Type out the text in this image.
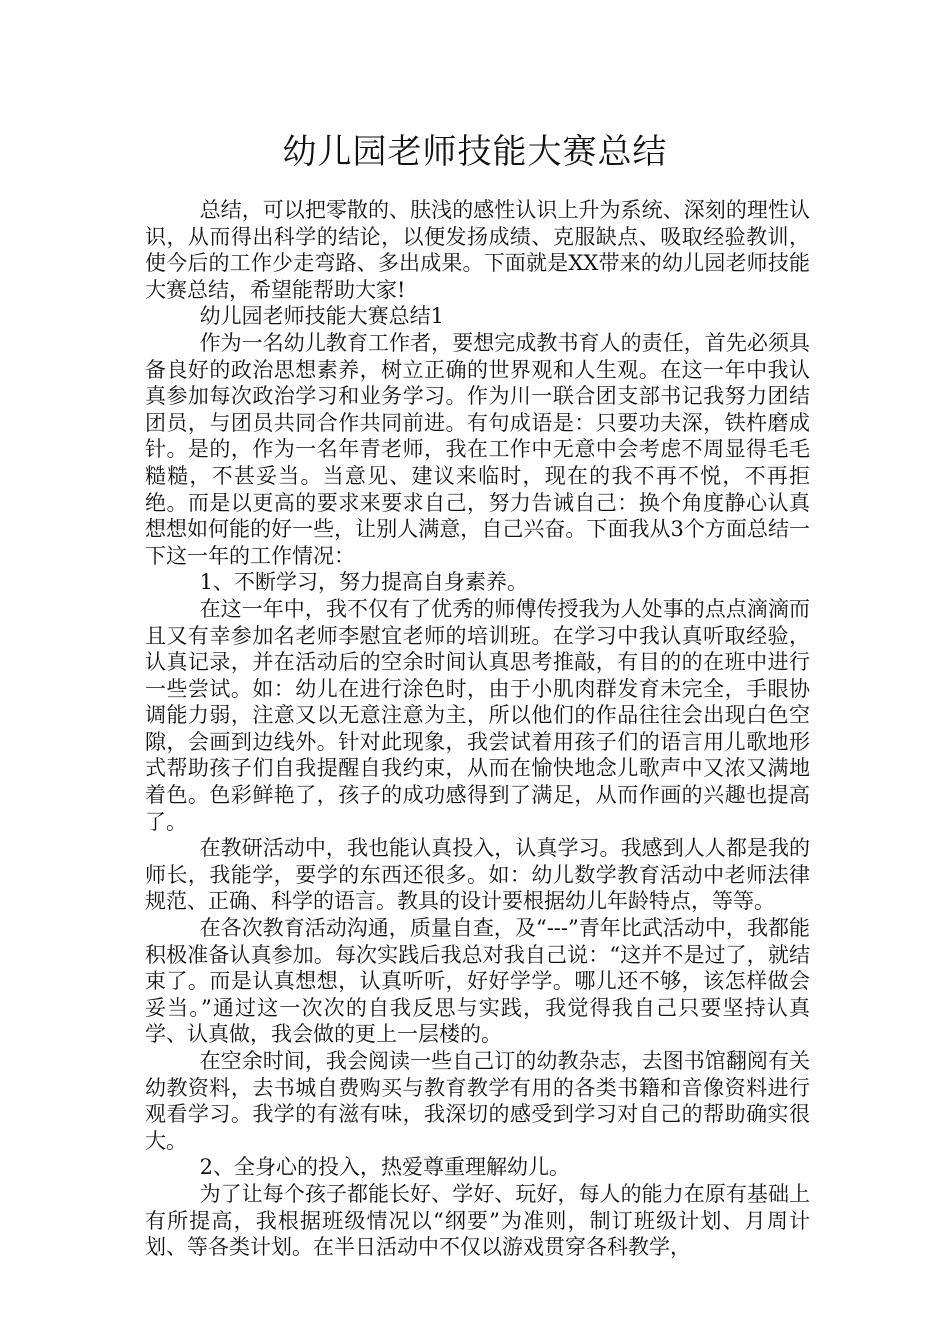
幼儿园老师技能大赛总结

总结，可以把零散的、肤浅的感性认识上升为系统、深刻的理性认识，从而得出科学的结论，以便发扬成绩、克服缺点、吸取经验教训，使今后的工作少走弯路、多出成果。下面就是XX带来的幼儿园老师技能大赛总结，希望能帮助大家!

幼儿园老师技能大赛总结1

作为一名幼儿教育工作者，要想完成教书育人的责任，首先必须具备良好的政治思想素养，树立正确的世界观和人生观。在这一年中我认真参加每次政治学习和业务学习。作为川一联合团支部书记我努力团结团员，与团员共同合作共同前进。有句成语是：只要功夫深，铁杵磨成针。是的，作为一名年青老师，我在工作中无意中会考虑不周显得毛毛糙糙，不甚妥当。当意见、建议来临时，现在的我不再不悦，不再拒绝。而是以更高的要求来要求自己，努力告诫自己：换个角度静心认真想想如何能的好一些，让别人满意，自己兴奋。下面我从3个方面总结一下这一年的工作情况：

1、不断学习，努力提高自身素养。

在这一年中，我不仅有了优秀的师傅传授我为人处事的点点滴滴而且又有幸参加名老师李慰宜老师的培训班。在学习中我认真听取经验，认真记录，并在活动后的空余时间认真思考推敲，有目的的在班中进行一些尝试。如：幼儿在进行涂色时，由于小肌肉群发育未完全，手眼协调能力弱，注意又以无意注意为主，所以他们的作品往往会出现白色空隙，会画到边线外。针对此现象，我尝试着用孩子们的语言用儿歌地形式帮助孩子们自我提醒自我约束，从而在愉快地念儿歌声中又浓又满地着色。色彩鲜艳了，孩子的成功感得到了满足，从而作画的兴趣也提高了。

在教研活动中，我也能认真投入，认真学习。我感到人人都是我的师长，我能学，要学的东西还很多。如：幼儿数学教育活动中老师法律规范、正确、科学的语言。教具的设计要根据幼儿年龄特点，等等。

在各次教育活动沟通，质量自查，及“---”青年比武活动中，我都能积极准备认真参加。每次实践后我总对我自己说：“这并不是过了，就结束了。而是认真想想，认真听听，好好学学。哪儿还不够，该怎样做会妥当。”通过这一次次的自我反思与实践，我觉得我自己只要坚持认真学、认真做，我会做的更上一层楼的。

在空余时间，我会阅读一些自己订的幼教杂志，去图书馆翻阅有关幼教资料，去书城自费购买与教育教学有用的各类书籍和音像资料进行观看学习。我学的有滋有味，我深切的感受到学习对自己的帮助确实很大。

2、全身心的投入，热爱尊重理解幼儿。

为了让每个孩子都能长好、学好、玩好，每人的能力在原有基础上有所提高，我根据班级情况以“纲要”为准则，制订班级计划、月周计划、等各类计划。在半日活动中不仅以游戏贯穿各科教学，
